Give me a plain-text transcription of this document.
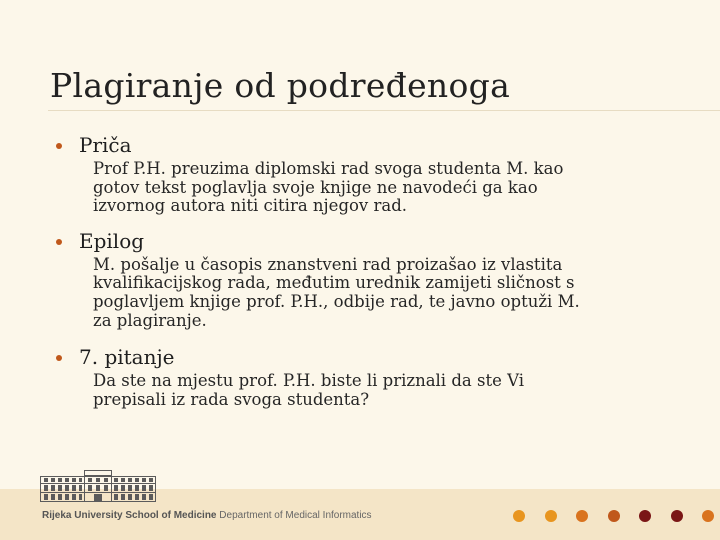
Plagiranje od podređenoga
Priča
Prof P.H. preuzima diplomski rad svoga studenta M. kao
gotov tekst poglavlja svoje knjige ne navodeći ga kao
izvornog autora niti citira njegov rad.
Epilog
M. pošalje u časopis znanstveni rad proizašao iz vlastita
kvalifikacijskog rada, međutim urednik zamijeti sličnost s
poglavljem knjige prof. P.H., odbije rad, te javno optuži M.
za plagiranje.
7. pitanje
Da ste na mjestu prof. P.H. biste li priznali da ste Vi
prepisali iz rada svoga studenta?
Rijeka University School of Medicine Department of Medical Informatics
